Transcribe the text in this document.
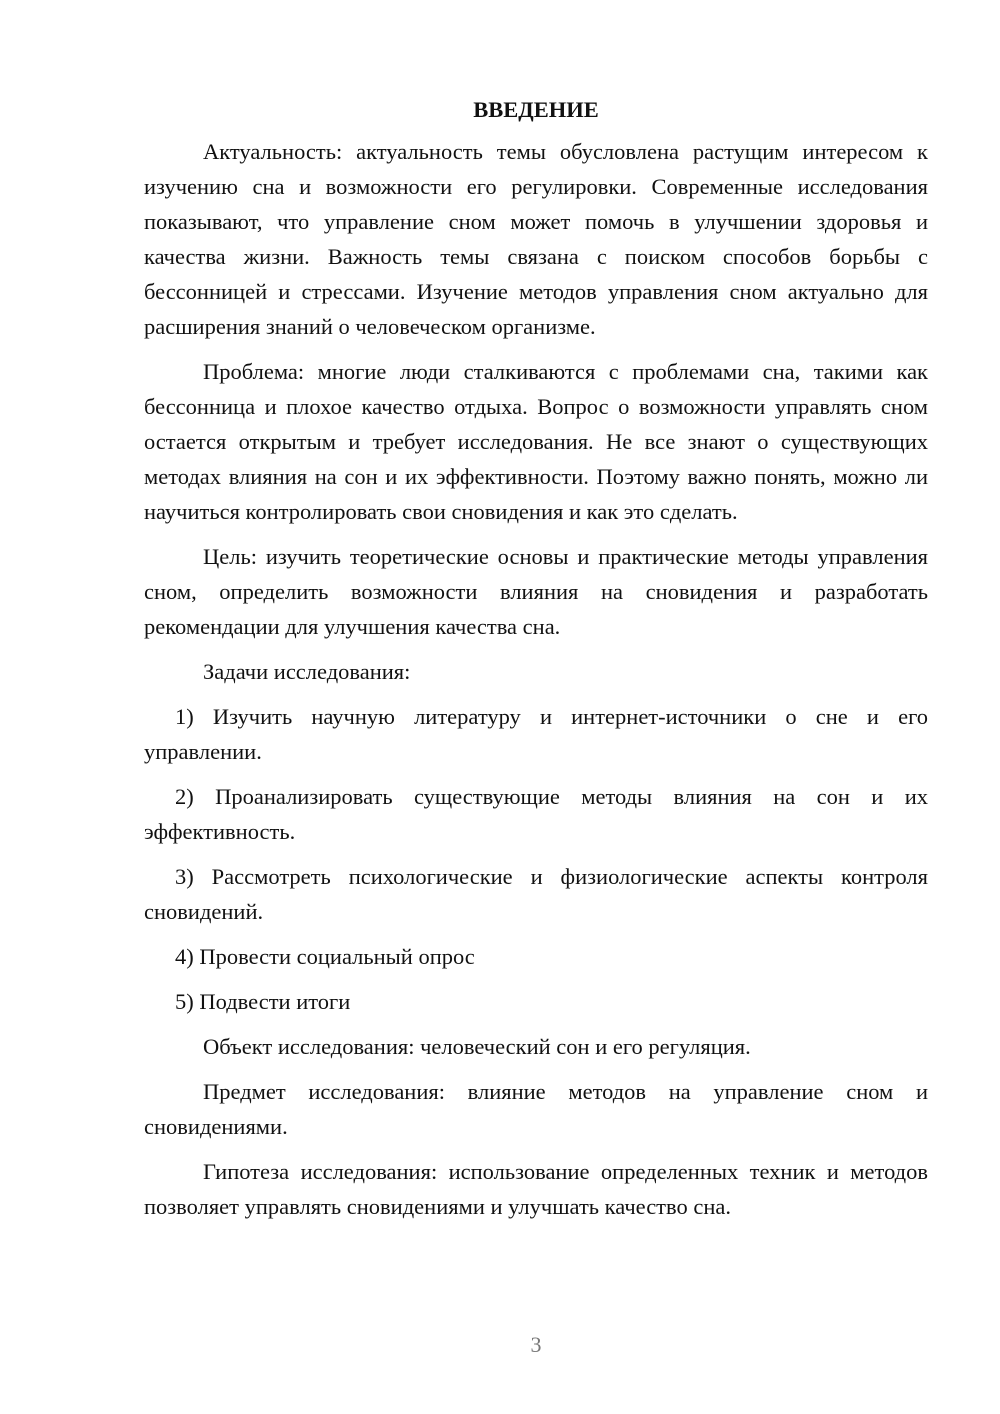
ВВЕДЕНИЕ

Актуальность: актуальность темы обусловлена растущим интересом к изучению сна и возможности его регулировки. Современные исследования показывают, что управление сном может помочь в улучшении здоровья и качества жизни. Важность темы связана с поиском способов борьбы с бессонницей и стрессами. Изучение методов управления сном актуально для расширения знаний о человеческом организме.

Проблема: многие люди сталкиваются с проблемами сна, такими как бессонница и плохое качество отдыха. Вопрос о возможности управлять сном остается открытым и требует исследования. Не все знают о существующих методах влияния на сон и их эффективности. Поэтому важно понять, можно ли научиться контролировать свои сновидения и как это сделать.

Цель: изучить теоретические основы и практические методы управления сном, определить возможности влияния на сновидения и разработать рекомендации для улучшения качества сна.

Задачи исследования:

1) Изучить научную литературу и интернет-источники о сне и его управлении.

2) Проанализировать существующие методы влияния на сон и их эффективность.

3) Рассмотреть психологические и физиологические аспекты контроля сновидений.

4) Провести социальный опрос

5) Подвести итоги

Объект исследования: человеческий сон и его регуляция.

Предмет исследования: влияние методов на управление сном и сновидениями.

Гипотеза исследования: использование определенных техник и методов позволяет управлять сновидениями и улучшать качество сна.

3
